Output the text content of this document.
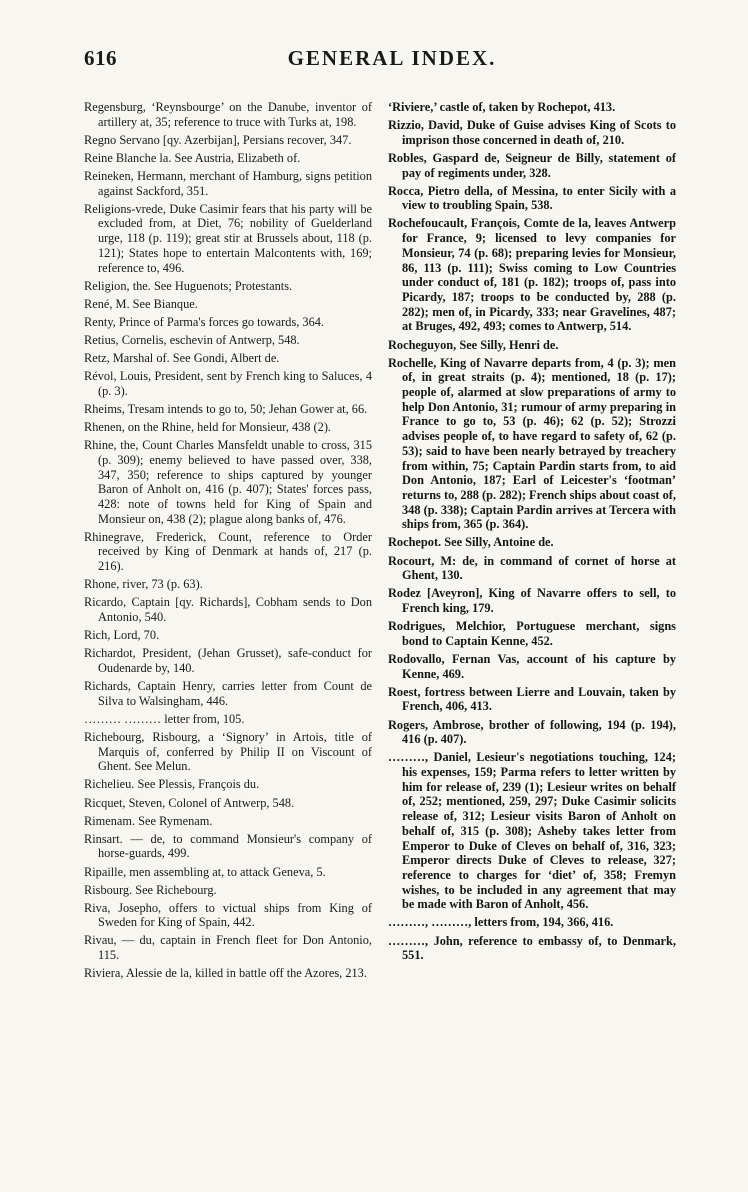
616	GENERAL INDEX.
Regensburg, ‘Reynsbourge’ on the Danube, inventor of artillery at, 35; reference to truce with Turks at, 198.
Regno Servano [qy. Azerbijan], Persians recover, 347.
Reine Blanche la. See Austria, Elizabeth of.
Reineken, Hermann, merchant of Hamburg, signs petition against Sackford, 351.
Religions-vrede, Duke Casimir fears that his party will be excluded from, at Diet, 76; nobility of Guelderland urge, 118 (p. 119); great stir at Brussels about, 118 (p. 121); States hope to entertain Malcontents with, 169; reference to, 496.
Religion, the. See Huguenots; Protestants.
René, M. See Bianque.
Renty, Prince of Parma's forces go towards, 364.
Retius, Cornelis, eschevin of Antwerp, 548.
Retz, Marshal of. See Gondi, Albert de.
Révol, Louis, President, sent by French king to Saluces, 4 (p. 3).
Rheims, Tresam intends to go to, 50; Jehan Gower at, 66.
Rhenen, on the Rhine, held for Monsieur, 438 (2).
Rhine, the, Count Charles Mansfeldt unable to cross, 315 (p. 309); enemy believed to have passed over, 338, 347, 350; reference to ships captured by younger Baron of Anholt on, 416 (p. 407); States' forces pass, 428: note of towns held for King of Spain and Monsieur on, 438 (2); plague along banks of, 476.
Rhinegrave, Frederick, Count, reference to Order received by King of Denmark at hands of, 217 (p. 216).
Rhone, river, 73 (p. 63).
Ricardo, Captain [qy. Richards], Cobham sends to Don Antonio, 540.
Rich, Lord, 70.
Richardot, President, (Jehan Grusset), safe-conduct for Oudenarde by, 140.
Richards, Captain Henry, carries letter from Count de Silva to Walsingham, 446.
……… ……… letter from, 105.
Richebourg, Risbourg, a ‘Signory’ in Artois, title of Marquis of, conferred by Philip II on Viscount of Ghent. See Melun.
Richelieu. See Plessis, François du.
Ricquet, Steven, Colonel of Antwerp, 548.
Rimenam. See Rymenam.
Rinsart. — de, to command Monsieur's company of horse-guards, 499.
Ripaille, men assembling at, to attack Geneva, 5.
Risbourg. See Richebourg.
Riva, Josepho, offers to victual ships from King of Sweden for King of Spain, 442.
Rivau, — du, captain in French fleet for Don Antonio, 115.
Riviera, Alessie de la, killed in battle off the Azores, 213.
‘Riviere,’ castle of, taken by Rochepot, 413.
Rizzio, David, Duke of Guise advises King of Scots to imprison those concerned in death of, 210.
Robles, Gaspard de, Seigneur de Billy, statement of pay of regiments under, 328.
Rocca, Pietro della, of Messina, to enter Sicily with a view to troubling Spain, 538.
Rochefoucault, François, Comte de la, leaves Antwerp for France, 9; licensed to levy companies for Monsieur, 74 (p. 68); preparing levies for Monsieur, 86, 113 (p. 111); Swiss coming to Low Countries under conduct of, 181 (p. 182); troops of, pass into Picardy, 187; troops to be conducted by, 288 (p. 282); men of, in Picardy, 333; near Gravelines, 487; at Bruges, 492, 493; comes to Antwerp, 514.
Rocheguyon, See Silly, Henri de.
Rochelle, King of Navarre departs from, 4 (p. 3); men of, in great straits (p. 4); mentioned, 18 (p. 17); people of, alarmed at slow preparations of army to help Don Antonio, 31; rumour of army preparing in France to go to, 53 (p. 46); 62 (p. 52); Strozzi advises people of, to have regard to safety of, 62 (p. 53); said to have been nearly betrayed by treachery from within, 75; Captain Pardin starts from, to aid Don Antonio, 187; Earl of Leicester's ‘footman’ returns to, 288 (p. 282); French ships about coast of, 348 (p. 338); Captain Pardin arrives at Tercera with ships from, 365 (p. 364).
Rochepot. See Silly, Antoine de.
Rocourt, M: de, in command of cornet of horse at Ghent, 130.
Rodez [Aveyron], King of Navarre offers to sell, to French king, 179.
Rodrigues, Melchior, Portuguese merchant, signs bond to Captain Kenne, 452.
Rodovallo, Fernan Vas, account of his capture by Kenne, 469.
Roest, fortress between Lierre and Louvain, taken by French, 406, 413.
Rogers, Ambrose, brother of following, 194 (p. 194), 416 (p. 407).
………, Daniel, Lesieur's negotiations touching, 124; his expenses, 159; Parma refers to letter written by him for release of, 239 (1); Lesieur writes on behalf of, 252; mentioned, 259, 297; Duke Casimir solicits release of, 312; Lesieur visits Baron of Anholt on behalf of, 315 (p. 308); Asheby takes letter from Emperor to Duke of Cleves on behalf of, 316, 323; Emperor directs Duke of Cleves to release, 327; reference to charges for ‘diet’ of, 358; Fremyn wishes, to be included in any agreement that may be made with Baron of Anholt, 456.
………, ………, letters from, 194, 366, 416.
………, John, reference to embassy of, to Denmark, 551.
